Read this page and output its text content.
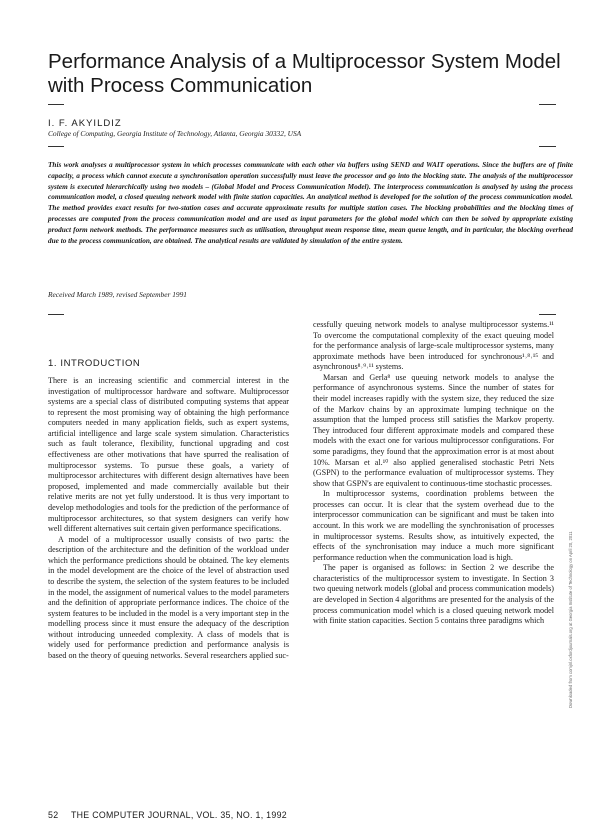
Performance Analysis of a Multiprocessor System Model with Process Communication
I. F. AKYILDIZ
College of Computing, Georgia Institute of Technology, Atlanta, Georgia 30332, USA
This work analyses a multiprocessor system in which processes communicate with each other via buffers using SEND and WAIT operations. Since the buffers are of finite capacity, a process which cannot execute a synchronisation operation successfully must leave the processor and go into the blocking state. The analysis of the multiprocessor system is executed hierarchically using two models – (Global Model and Process Communication Model). The interprocess communication is analysed by using the process communication model, a closed queuing network model with finite station capacities. An analytical method is developed for the solution of the process communication model. The method provides exact results for two-station cases and accurate approximate results for multiple station cases. The blocking probabilities and the blocking times of processes are computed from the process communication model and are used as input parameters for the global model which can then be solved by appropriate existing product form network methods. The performance measures such as utilisation, throughput mean response time, mean queue length, and in particular, the blocking overhead due to the process communication, are obtained. The analytical results are validated by simulation of the entire system.
Received March 1989, revised September 1991
1. INTRODUCTION

There is an increasing scientific and commercial interest in the investigation of multiprocessor hardware and software. Multiprocessor systems are a special class of distributed computing systems that appear to represent the most promising way of obtaining the high performance computers needed in many application fields, such as expert systems, artificial intelligence and large scale system simulation. Characteristics such as fault tolerance, flexibility, functional upgrading and cost effectiveness are other motivations that have spurred the realisation of multiprocessor systems. To pursue these goals, a variety of multiprocessor architectures with different design alternatives have been proposed, implemented and made commercially available but their relative merits are not yet fully understood. It is thus very important to develop methodologies and tools for the prediction of the performance of multiprocessor architectures, so that system designers can verify how well different alternatives suit certain given performance specifications.

A model of a multiprocessor usually consists of two parts: the description of the architecture and the definition of the workload under which the performance predictions should be obtained. The key elements in the model development are the choice of the level of abstraction used to describe the system, the selection of the system features to be included in the model, the assignment of numerical values to the model parameters and the definition of appropriate performance indices. The choice of the system features to be included in the model is a very important step in the modelling process since it must ensure the adequacy of the description without introducing unneeded complexity. A class of models that is widely used for performance prediction and performance analysis is based on the theory of queuing networks. Several researchers applied suc-

cessfully queuing network models to analyse multiprocessor systems.¹¹ To overcome the computational complexity of the exact queuing model for the performance analysis of large-scale multiprocessor systems, many approximate methods have been introduced for synchronous¹˒⁸˒¹⁵ and asynchronous⁸˒⁹˒¹¹ systems.

Marsan and Gerla⁸ use queuing network models to analyse the performance of asynchronous systems. Since the number of states for their model increases rapidly with the system size, they reduced the size of the Markov chains by an approximate lumping technique on the assumption that the lumped process still satisfies the Markov property. They introduced four different approximate models and compared these models with the exact one for various multiprocessor configurations. For some paradigms, they found that the approximation error is at most about 10%. Marsan et al.¹⁰ also applied generalised stochastic Petri Nets (GSPN) to the performance evaluation of multiprocessor systems. They show that GSPN's are equivalent to continuous-time stochastic processes.

In multiprocessor systems, coordination problems between the processes can occur. It is clear that the system overhead due to the interprocessor communication can be significant and must be taken into account. In this work we are modelling the synchronisation of processes in multiprocessor systems. Results show, as intuitively expected, the effects of the synchronisation may induce a much more significant performance reduction when the communication load is high.

The paper is organised as follows: in Section 2 we describe the characteristics of the multiprocessor system to investigate. In Section 3 two queuing network models (global and process communication models) are developed in Section 4 algorithms are presented for the analysis of the process communication model which is a closed queuing network model with finite station capacities. Section 5 contains three paradigms which	Downloaded from comjnl.oxfordjournals.org at Georgia Institute of Technology on April 20, 2011
52 THE COMPUTER JOURNAL, VOL. 35, NO. 1, 1992
